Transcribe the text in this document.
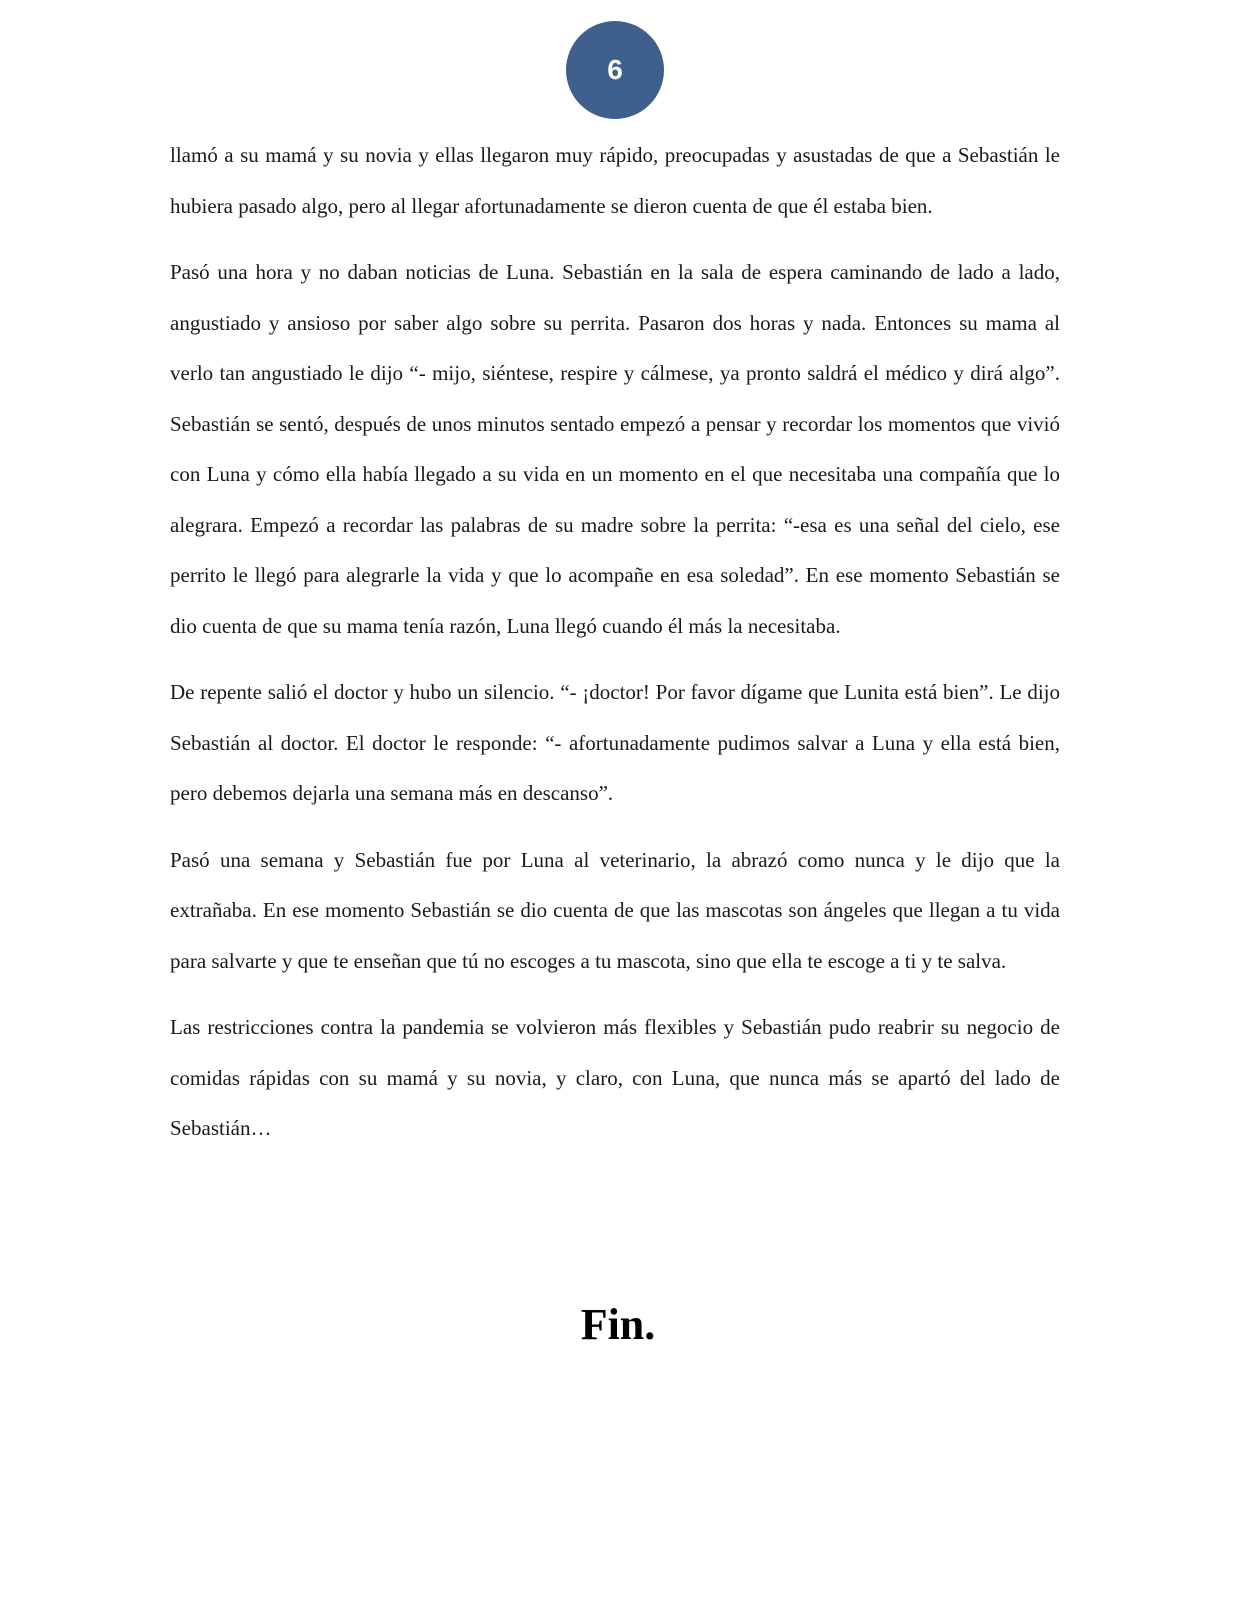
6

llamó a su mamá y su novia y ellas llegaron muy rápido, preocupadas y asustadas de que a Sebastián le hubiera pasado algo, pero al llegar afortunadamente se dieron cuenta de que él estaba bien.

Pasó una hora y no daban noticias de Luna. Sebastián en la sala de espera caminando de lado a lado, angustiado y ansioso por saber algo sobre su perrita. Pasaron dos horas y nada. Entonces su mama al verlo tan angustiado le dijo “- mijo, siéntese, respire y cálmese, ya pronto saldrá el médico y dirá algo”. Sebastián se sentó, después de unos minutos sentado empezó a pensar y recordar los momentos que vivió con Luna y cómo ella había llegado a su vida en un momento en el que necesitaba una compañía que lo alegrara. Empezó a recordar las palabras de su madre sobre la perrita: “-esa es una señal del cielo, ese perrito le llegó para alegrarle la vida y que lo acompañe en esa soledad”. En ese momento Sebastián se dio cuenta de que su mama tenía razón, Luna llegó cuando él más la necesitaba.

De repente salió el doctor y hubo un silencio. “- ¡doctor! Por favor dígame que Lunita está bien”. Le dijo Sebastián al doctor. El doctor le responde: “- afortunadamente pudimos salvar a Luna y ella está bien, pero debemos dejarla una semana más en descanso”.

Pasó una semana y Sebastián fue por Luna al veterinario, la abrazó como nunca y le dijo que la extrañaba. En ese momento Sebastián se dio cuenta de que las mascotas son ángeles que llegan a tu vida para salvarte y que te enseñan que tú no escoges a tu mascota, sino que ella te escoge a ti y te salva.

Las restricciones contra la pandemia se volvieron más flexibles y Sebastián pudo reabrir su negocio de comidas rápidas con su mamá y su novia, y claro, con Luna, que nunca más se apartó del lado de Sebastián…

Fin.
